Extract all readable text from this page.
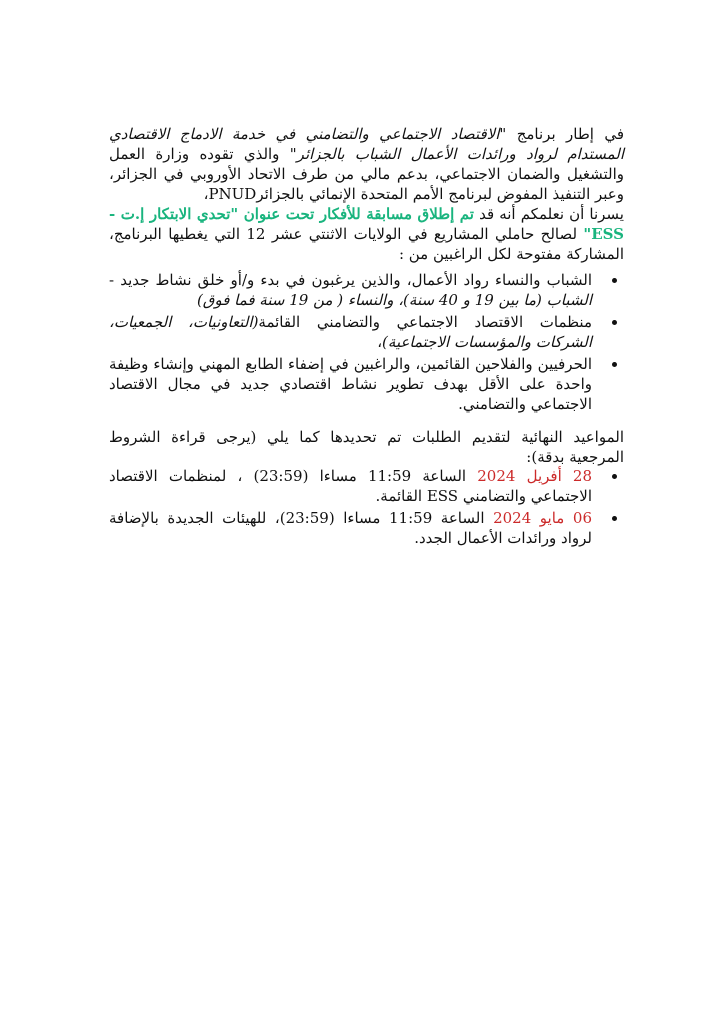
في إطار برنامج "الاقتصاد الاجتماعي والتضامني في خدمة الادماج الاقتصادي المستدام لرواد ورائدات الأعمال الشباب بالجزائر" والذي تقوده وزارة العمل والتشغيل والضمان الاجتماعي، بدعم مالي من طرف الاتحاد الأوروبي في الجزائر، وعبر التنفيذ المفوض لبرنامج الأمم المتحدة الإنمائي بالجزائرPNUD،

يسرنا أن نعلمكم أنه قد تم إطلاق مسابقة للأفكار تحت عنوان "تحدي الابتكار إ.ت - ESS" لصالح حاملي المشاريع في الولايات الاثنتي عشر 12 التي يغطيها البرنامج، المشاركة مفتوحة لكل الراغبين من :

الشباب والنساء رواد الأعمال، والذين يرغبون في بدء و/أو خلق نشاط جديد - الشباب (ما بين 19 و 40 سنة)، والنساء ( من 19 سنة فما فوق)
منظمات الاقتصاد الاجتماعي والتضامني القائمة(التعاونيات، الجمعيات، الشركات والمؤسسات الاجتماعية)،
الحرفيين والفلاحين القائمين، والراغبين في إضفاء الطابع المهني وإنشاء وظيفة واحدة على الأقل بهدف تطوير نشاط اقتصادي جديد في مجال الاقتصاد الاجتماعي والتضامني.
المواعيد النهائية لتقديم الطلبات تم تحديدها كما يلي (يرجى قراءة الشروط المرجعية بدقة):
28 أفريل 2024 الساعة 11:59 مساءا (23:59) ، لمنظمات الاقتصاد الاجتماعي والتضامني ESS القائمة.
06 مايو 2024 الساعة 11:59 مساءا (23:59)، للهيئات الجديدة بالإضافة لرواد ورائدات الأعمال الجدد.
